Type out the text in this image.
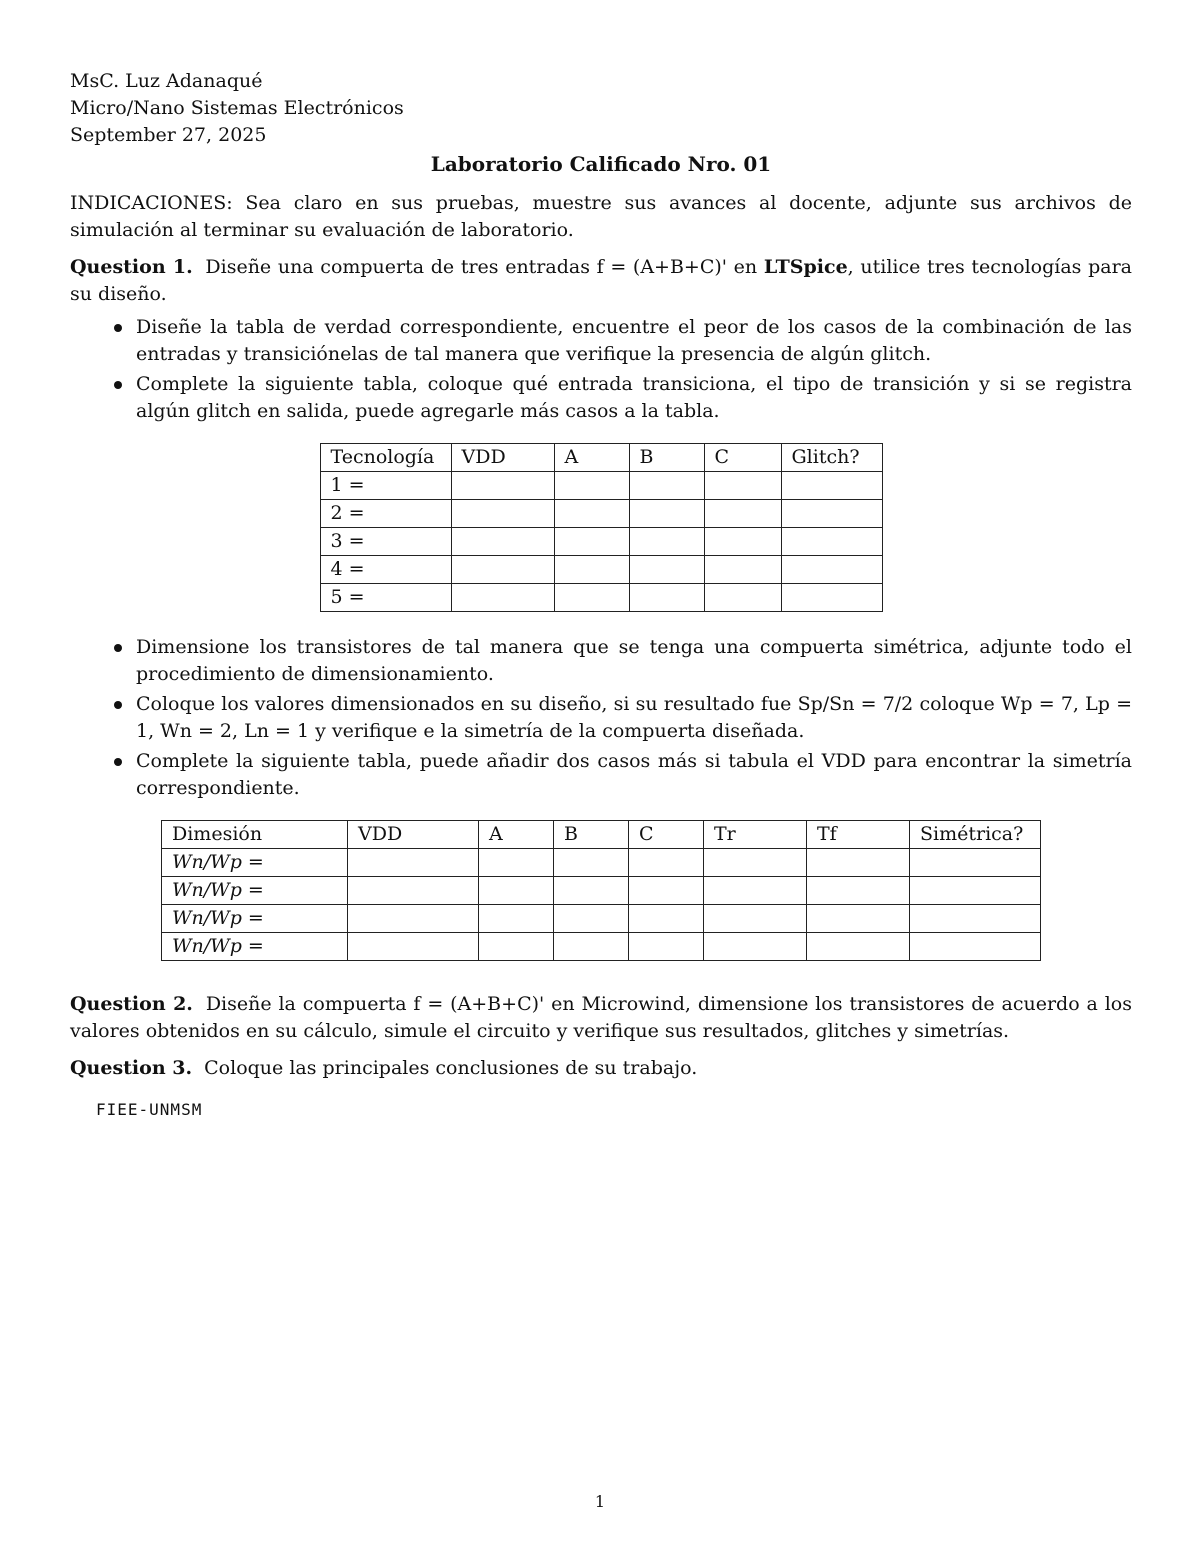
MsC. Luz Adanaqué

Micro/Nano Sistemas Electrónicos

September 27, 2025

Laboratorio Calificado Nro. 01

INDICACIONES: Sea claro en sus pruebas, muestre sus avances al docente, adjunte sus archivos de simulación al terminar su evaluación de laboratorio.

Question 1. Diseñe una compuerta de tres entradas f = (A+B+C)' en LTSpice, utilice tres tecnologías para su diseño.

Diseñe la tabla de verdad correspondiente, encuentre el peor de los casos de la combinación de las entradas y transiciónelas de tal manera que verifique la presencia de algún glitch.
Complete la siguiente tabla, coloque qué entrada transiciona, el tipo de transición y si se registra algún glitch en salida, puede agregarle más casos a la tabla.
Tecnología	VDD	A	B	C	Glitch?
1 =					
2 =					
3 =					
4 =					
5 =					
Dimensione los transistores de tal manera que se tenga una compuerta simétrica, adjunte todo el procedimiento de dimensionamiento.
Coloque los valores dimensionados en su diseño, si su resultado fue Sp/Sn = 7/2 coloque Wp = 7, Lp = 1, Wn = 2, Ln = 1 y verifique e la simetría de la compuerta diseñada.
Complete la siguiente tabla, puede añadir dos casos más si tabula el VDD para encontrar la simetría correspondiente.
Dimesión	VDD	A	B	C	Tr	Tf	Simétrica?
Wn/Wp =							
Wn/Wp =							
Wn/Wp =							
Wn/Wp =							

Question 2. Diseñe la compuerta f = (A+B+C)' en Microwind, dimensione los transistores de acuerdo a los valores obtenidos en su cálculo, simule el circuito y verifique sus resultados, glitches y simetrías.

Question 3. Coloque las principales conclusiones de su trabajo.

FIEE-UNMSM

1
